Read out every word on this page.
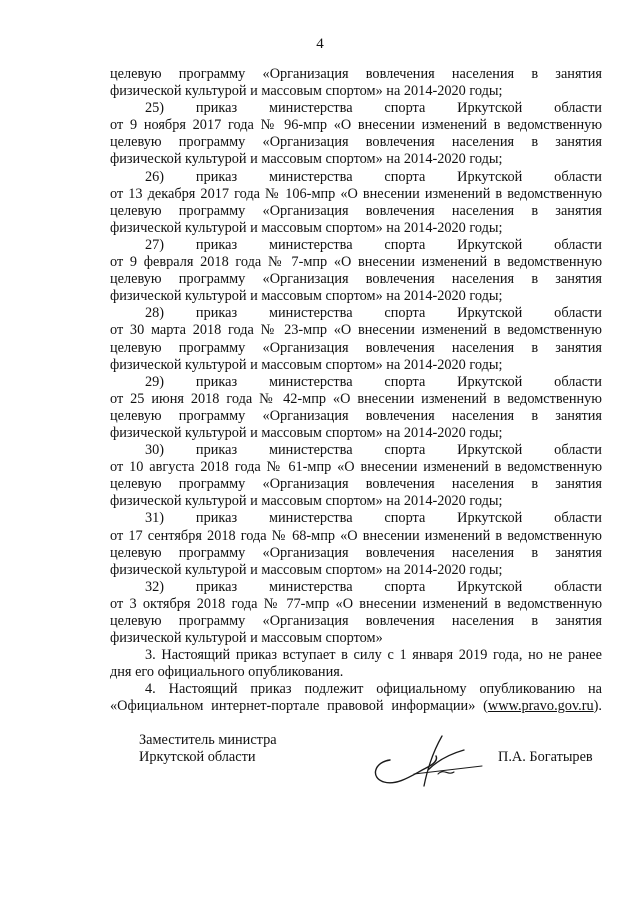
4
целевую программу «Организация вовлечения населения в занятия
физической культурой и массовым спортом» на 2014-2020 годы;
25) приказ министерства спорта Иркутской области
от 9 ноября 2017 года № 96-мпр «О внесении изменений в ведомственную
целевую программу «Организация вовлечения населения в занятия
физической культурой и массовым спортом» на 2014-2020 годы;
26) приказ министерства спорта Иркутской области
от 13 декабря 2017 года № 106-мпр «О внесении изменений в ведомственную
целевую программу «Организация вовлечения населения в занятия
физической культурой и массовым спортом» на 2014-2020 годы;
27) приказ министерства спорта Иркутской области
от 9 февраля 2018 года № 7-мпр «О внесении изменений в ведомственную
целевую программу «Организация вовлечения населения в занятия
физической культурой и массовым спортом» на 2014-2020 годы;
28) приказ министерства спорта Иркутской области
от 30 марта 2018 года № 23-мпр «О внесении изменений в ведомственную
целевую программу «Организация вовлечения населения в занятия
физической культурой и массовым спортом» на 2014-2020 годы;
29) приказ министерства спорта Иркутской области
от 25 июня 2018 года № 42-мпр «О внесении изменений в ведомственную
целевую программу «Организация вовлечения населения в занятия
физической культурой и массовым спортом» на 2014-2020 годы;
30) приказ министерства спорта Иркутской области
от 10 августа 2018 года № 61-мпр «О внесении изменений в ведомственную
целевую программу «Организация вовлечения населения в занятия
физической культурой и массовым спортом» на 2014-2020 годы;
31) приказ министерства спорта Иркутской области
от 17 сентября 2018 года № 68-мпр «О внесении изменений в ведомственную
целевую программу «Организация вовлечения населения в занятия
физической культурой и массовым спортом» на 2014-2020 годы;
32) приказ министерства спорта Иркутской области
от 3 октября 2018 года № 77-мпр «О внесении изменений в ведомственную
целевую программу «Организация вовлечения населения в занятия
физической культурой и массовым спортом»
3. Настоящий приказ вступает в силу с 1 января 2019 года, но не ранее
дня его официального опубликования.
4. Настоящий приказ подлежит официальному опубликованию на
«Официальном интернет-портале правовой информации» (www.pravo.gov.ru).
Заместитель министра
Иркутской области	П.А. Богатырев
